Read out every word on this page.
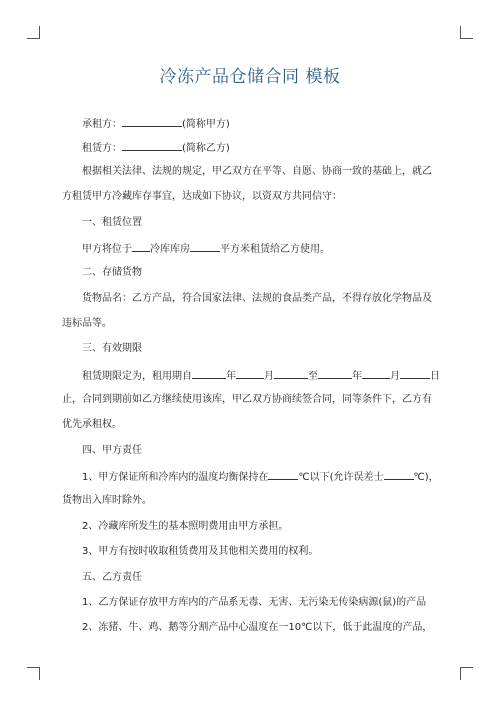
冷冻产品仓储合同 模板
承租方：	(简称甲方)
租赁方：	(简称乙方)
根据相关法律、法规的规定，甲乙双方在平等、自愿、协商一致的基础上，就乙
方租赁甲方冷藏库存事宜，达成如下协议，以资双方共同信守：
一、租赁位置
甲方将位于 冷库库房	平方米租赁给乙方使用。
二、存储货物
货物品名：乙方产品，符合国家法律、法规的食品类产品，不得存放化学物品及
违标品等。
三、有效期限
租赁期限定为，租用期自	年	月	至	年	月	日
止，合同到期前如乙方继续使用该库，甲乙双方协商续签合同，同等条件下，乙方有
优先承租权。
四、甲方责任
1、甲方保证所和冷库内的温度均衡保持在	℃以下(允许误差士	℃)，
货物出入库时除外。
2、冷藏库所发生的基本照明费用由甲方承担。
3、甲方有按时收取租赁费用及其他相关费用的权利。
五、乙方责任
1、乙方保证存放甲方库内的产品系无毒、无害、无污染无传染病源(鼠)的产品
2、冻猪、牛、鸡、鹅等分割产品中心温度在一10℃以下，低于此温度的产品，
